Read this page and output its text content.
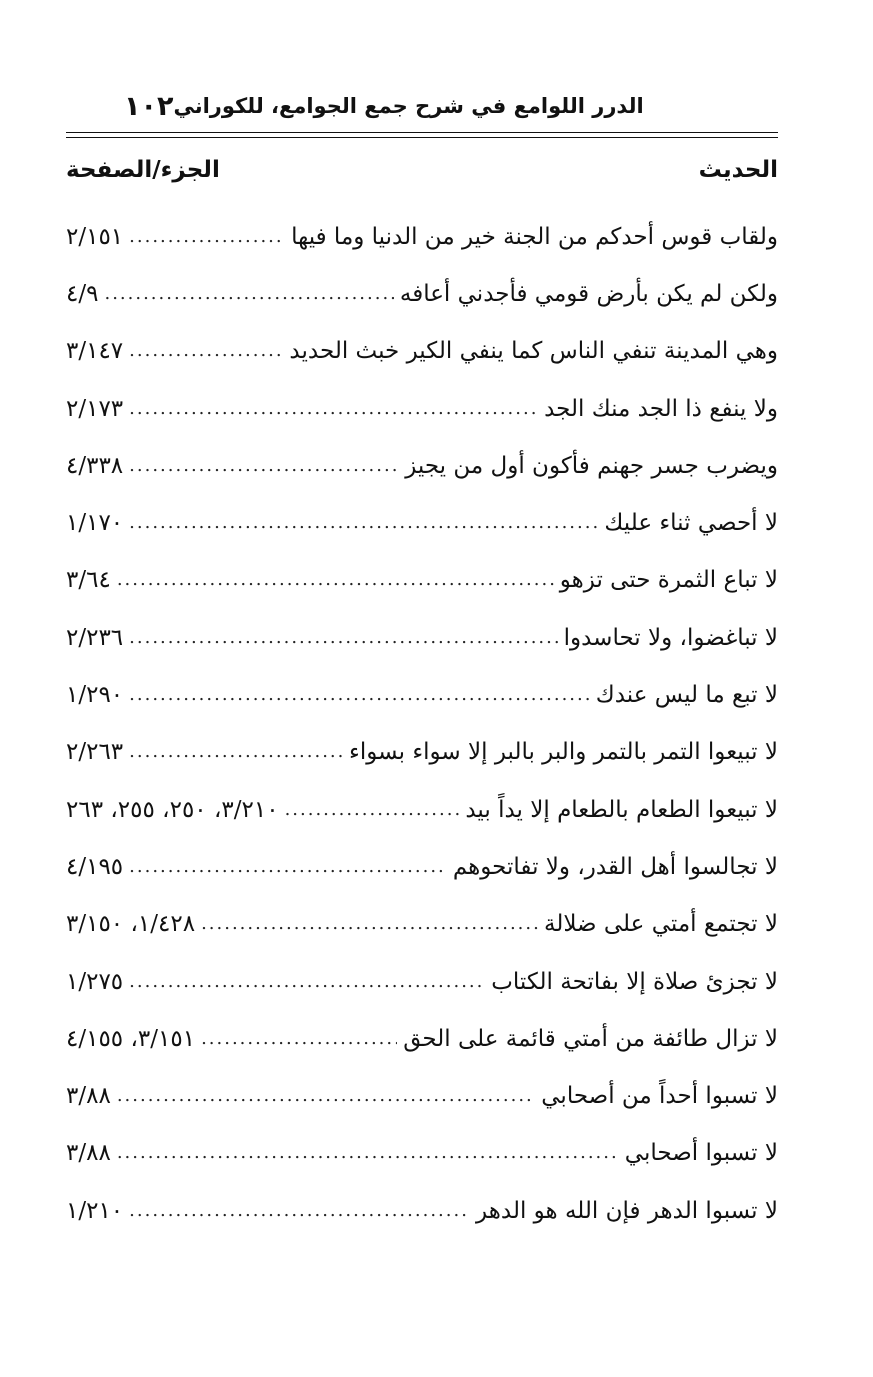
١٠٢ الدرر اللوامع في شرح جمع الجوامع، للكوراني
الحديث
الجزء/الصفحة
ولقاب قوس أحدكم من الجنة خير من الدنيا وما فيها
.....
٢/١٥١
ولكن لم يكن بأرض قومي فأجدني أعافه
.....
٤/٩
وهي المدينة تنفي الناس كما ينفي الكير خبث الحديد
.....
٣/١٤٧
ولا ينفع ذا الجد منك الجد
.....
٢/١٧٣
ويضرب جسر جهنم فأكون أول من يجيز
.....
٤/٣٣٨
لا أحصي ثناء عليك
.....
١/١٧٠
لا تباع الثمرة حتى تزهو
.....
٣/٦٤
لا تباغضوا، ولا تحاسدوا
.....
٢/٢٣٦
لا تبع ما ليس عندك
.....
١/٢٩٠
لا تبيعوا التمر بالتمر والبر بالبر إلا سواء بسواء
.....
٢/٢٦٣
لا تبيعوا الطعام بالطعام إلا يداً بيد
.....
٣/٢١٠، ٢٥٠، ٢٥٥، ٢٦٣
لا تجالسوا أهل القدر، ولا تفاتحوهم
.....
٤/١٩٥
لا تجتمع أمتي على ضلالة
.....
١/٤٢٨، ٣/١٥٠
لا تجزئ صلاة إلا بفاتحة الكتاب
.....
١/٢٧٥
لا تزال طائفة من أمتي قائمة على الحق
.....
٣/١٥١، ٤/١٥٥
لا تسبوا أحداً من أصحابي
.....
٣/٨٨
لا تسبوا أصحابي
.....
٣/٨٨
لا تسبوا الدهر فإن الله هو الدهر
.....
١/٢١٠
